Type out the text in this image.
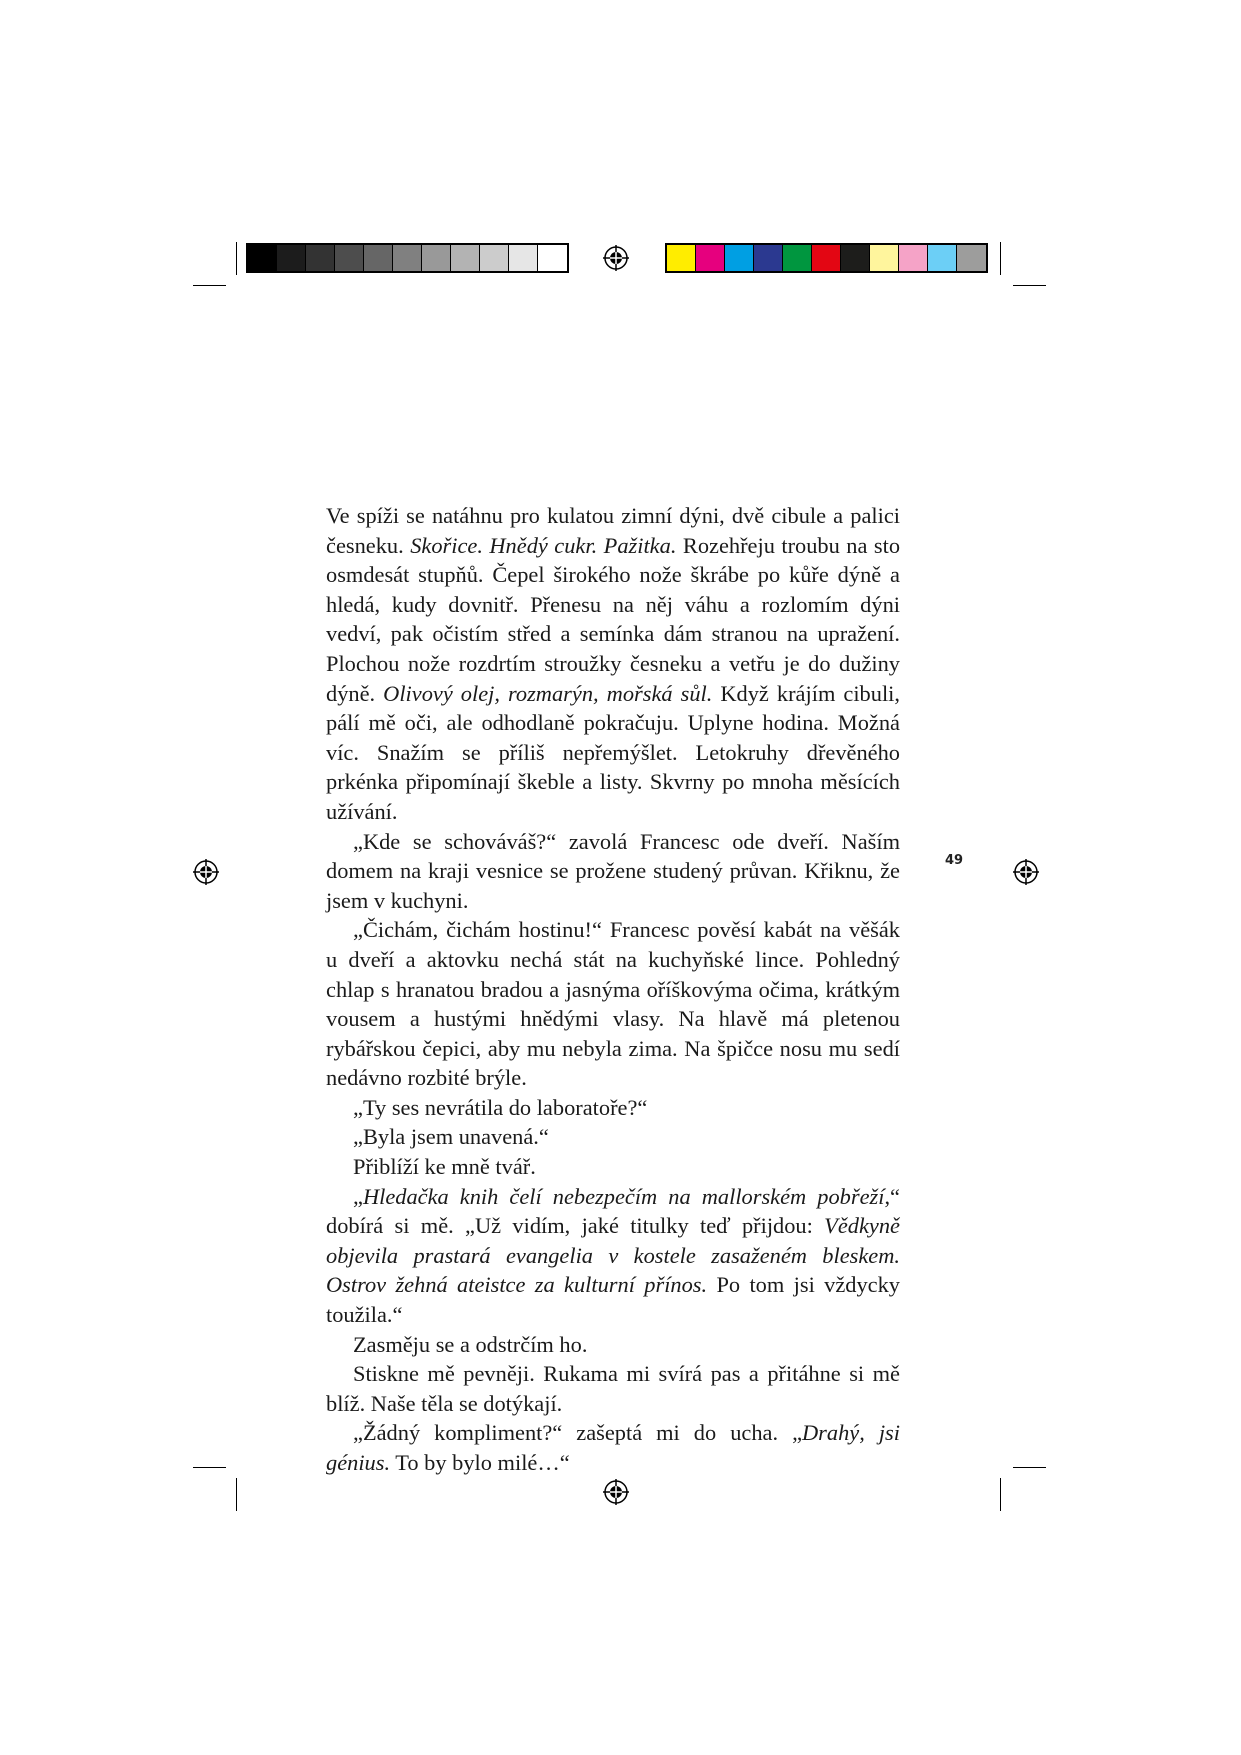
49

Ve spíži se natáhnu pro kulatou zimní dýni, dvě cibule a palici česneku. Skořice. Hnědý cukr. Pažitka. Rozehřeju troubu na sto osmdesát stupňů. Čepel širokého nože škrábe po kůře dýně a hledá, kudy dovnitř. Přenesu na něj váhu a rozlomím dýni vedví, pak očistím střed a semínka dám stranou na upražení. Plochou nože rozdrtím stroužky česneku a vetřu je do dužiny dýně. Olivový olej, rozmarýn, mořská sůl. Když krájím cibuli, pálí mě oči, ale odhodlaně pokračuju. Uplyne hodina. Možná víc. Snažím se příliš nepřemýšlet. Letokruhy dřevěného prkénka připomínají škeble a listy. Skvrny po mnoha měsících užívání.

„Kde se schováváš?“ zavolá Francesc ode dveří. Naším domem na kraji vesnice se prožene studený průvan. Křiknu, že jsem v kuchyni.

„Čichám, čichám hostinu!“ Francesc pověsí kabát na věšák u dveří a aktovku nechá stát na kuchyňské lince. Pohledný chlap s hranatou bradou a jasnýma oříškovýma očima, krátkým vousem a hustými hnědými vlasy. Na hlavě má pletenou rybářskou čepici, aby mu nebyla zima. Na špičce nosu mu sedí nedávno rozbité brýle.

„Ty ses nevrátila do laboratoře?“

„Byla jsem unavená.“

Přiblíží ke mně tvář.

„Hledačka knih čelí nebezpečím na mallorském pobřeží,“ dobírá si mě. „Už vidím, jaké titulky teď přijdou: Vědkyně objevila prastará evangelia v kostele zasaženém bleskem. Ostrov žehná ateistce za kulturní přínos. Po tom jsi vždycky toužila.“

Zasměju se a odstrčím ho.

Stiskne mě pevněji. Rukama mi svírá pas a přitáhne si mě blíž. Naše těla se dotýkají.

„Žádný kompliment?“ zašeptá mi do ucha. „Drahý, jsi génius. To by bylo milé…“
